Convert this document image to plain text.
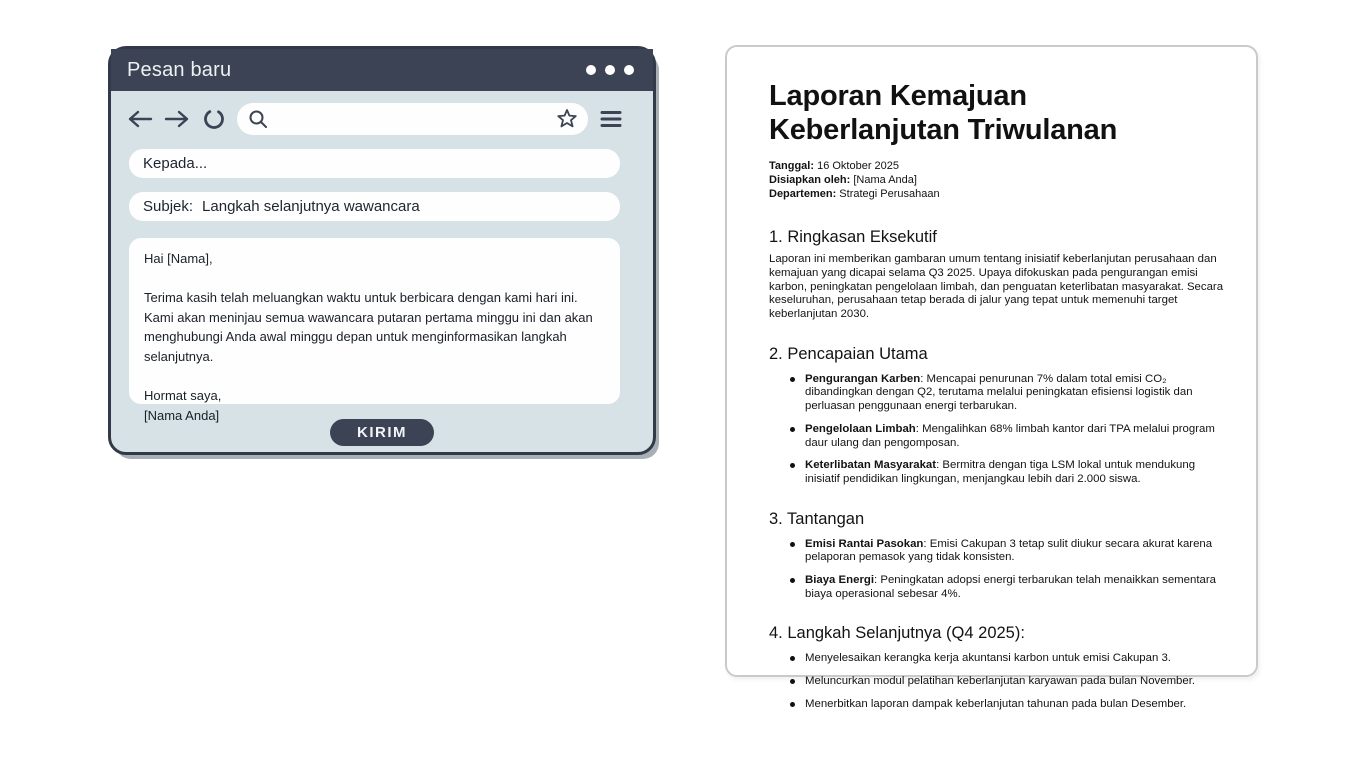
Pesan baru
Kepada...
Subjek: Langkah selanjutnya wawancara

Hai [Nama],

Terima kasih telah meluangkan waktu untuk berbicara dengan kami hari ini. Kami akan meninjau semua wawancara putaran pertama minggu ini dan akan menghubungi Anda awal minggu depan untuk menginformasikan langkah selanjutnya.

Hormat saya,

[Nama Anda]

KIRIM
Laporan Kemajuan
Keberlanjutan Triwulanan
Tanggal: 16 Oktober 2025
Disiapkan oleh: [Nama Anda]
Departemen: Strategi Perusahaan
1. Ringkasan Eksekutif

Laporan ini memberikan gambaran umum tentang inisiatif keberlanjutan perusahaan dan kemajuan yang dicapai selama Q3 2025. Upaya difokuskan pada pengurangan emisi karbon, peningkatan pengelolaan limbah, dan penguatan keterlibatan masyarakat. Secara keseluruhan, perusahaan tetap berada di jalur yang tepat untuk memenuhi target keberlanjutan 2030.

2. Pencapaian Utama
Pengurangan Karben: Mencapai penurunan 7% dalam total emisi CO₂ dibandingkan dengan Q2, terutama melalui peningkatan efisiensi logistik dan perluasan penggunaan energi terbarukan.
Pengelolaan Limbah: Mengalihkan 68% limbah kantor dari TPA melalui program daur ulang dan pengomposan.
Keterlibatan Masyarakat: Bermitra dengan tiga LSM lokal untuk mendukung inisiatif pendidikan lingkungan, menjangkau lebih dari 2.000 siswa.
3. Tantangan
Emisi Rantai Pasokan: Emisi Cakupan 3 tetap sulit diukur secara akurat karena pelaporan pemasok yang tidak konsisten.
Biaya Energi: Peningkatan adopsi energi terbarukan telah menaikkan sementara biaya operasional sebesar 4%.
4. Langkah Selanjutnya (Q4 2025):
Menyelesaikan kerangka kerja akuntansi karbon untuk emisi Cakupan 3.
Meluncurkan modul pelatihan keberlanjutan karyawan pada bulan November.
Menerbitkan laporan dampak keberlanjutan tahunan pada bulan Desember.
